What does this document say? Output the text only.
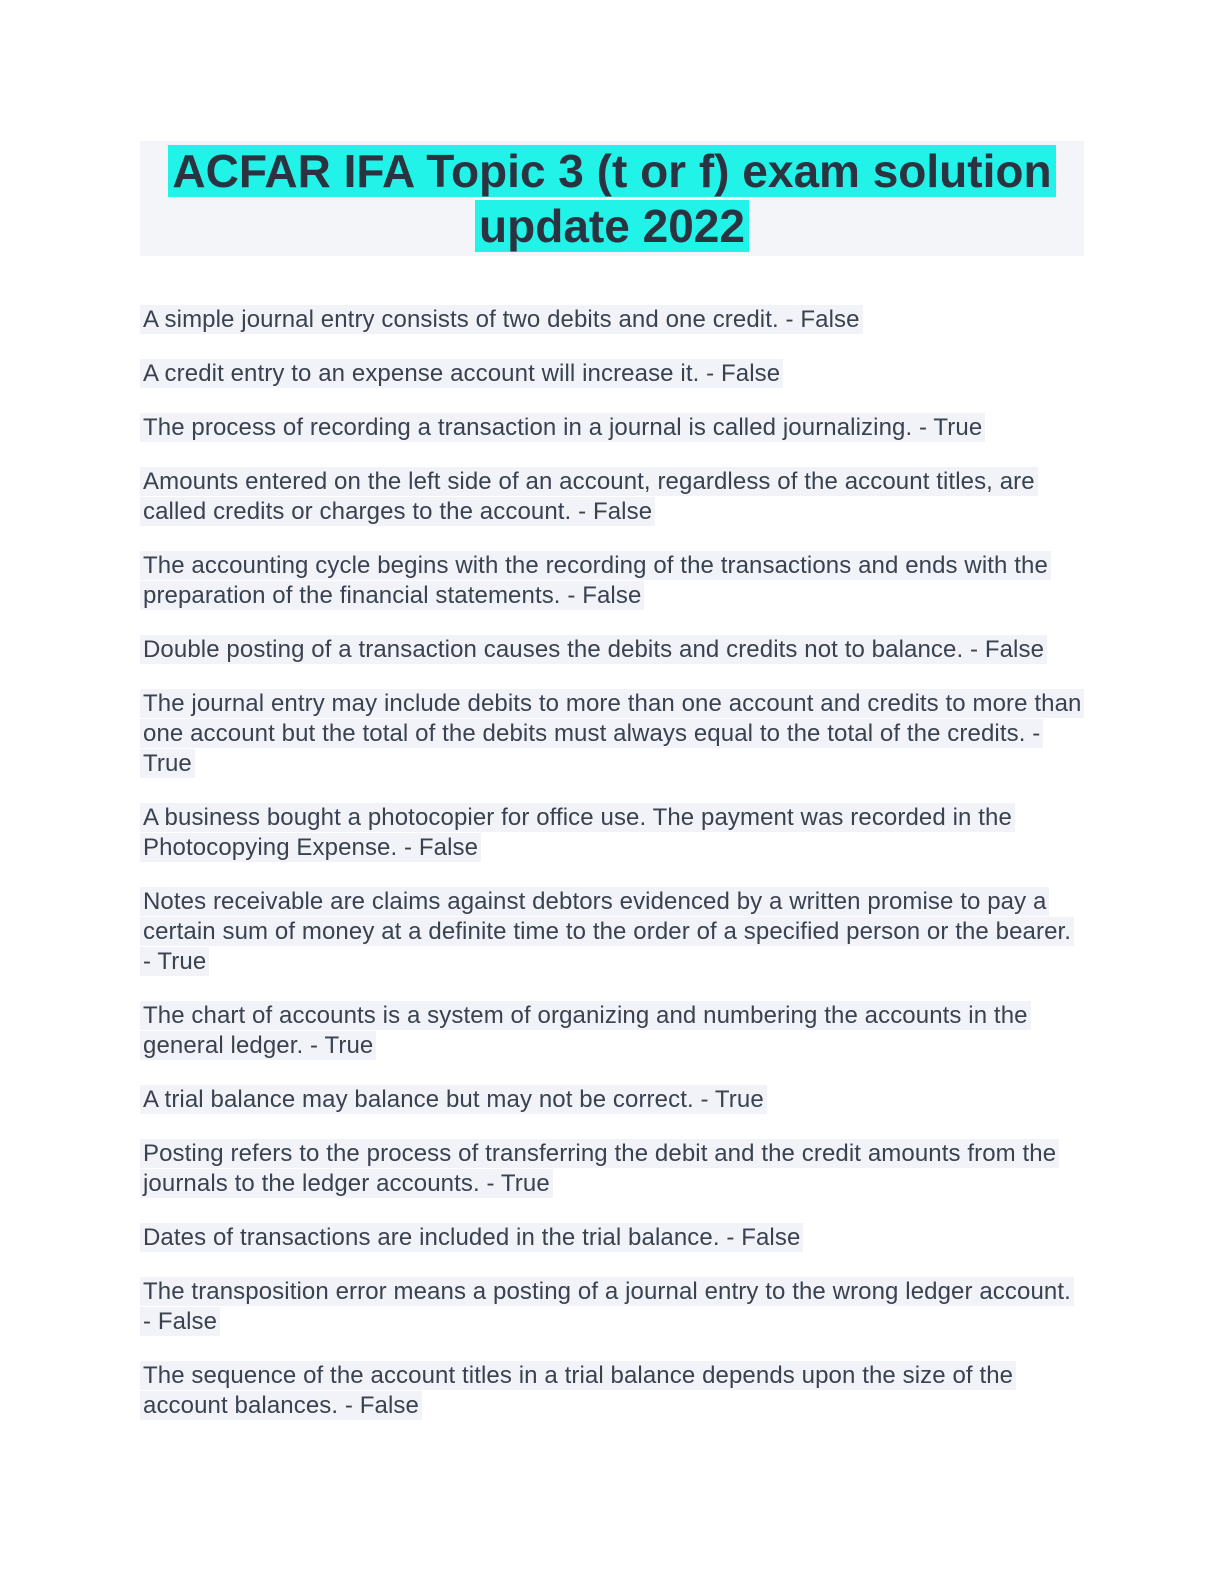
ACFAR IFA Topic 3 (t or f) exam solution
update 2022

A simple journal entry consists of two debits and one credit. - False

A credit entry to an expense account will increase it. - False

The process of recording a transaction in a journal is called journalizing. - True

Amounts entered on the left side of an account, regardless of the account titles, are called credits or charges to the account. - False

The accounting cycle begins with the recording of the transactions and ends with the preparation of the financial statements. - False

Double posting of a transaction causes the debits and credits not to balance. - False

The journal entry may include debits to more than one account and credits to more than one account but the total of the debits must always equal to the total of the credits. - True

A business bought a photocopier for office use. The payment was recorded in the Photocopying Expense. - False

Notes receivable are claims against debtors evidenced by a written promise to pay a certain sum of money at a definite time to the order of a specified person or the bearer. - True

The chart of accounts is a system of organizing and numbering the accounts in the general ledger. - True

A trial balance may balance but may not be correct. - True

Posting refers to the process of transferring the debit and the credit amounts from the journals to the ledger accounts. - True

Dates of transactions are included in the trial balance. - False

The transposition error means a posting of a journal entry to the wrong ledger account. - False

The sequence of the account titles in a trial balance depends upon the size of the account balances. - False
